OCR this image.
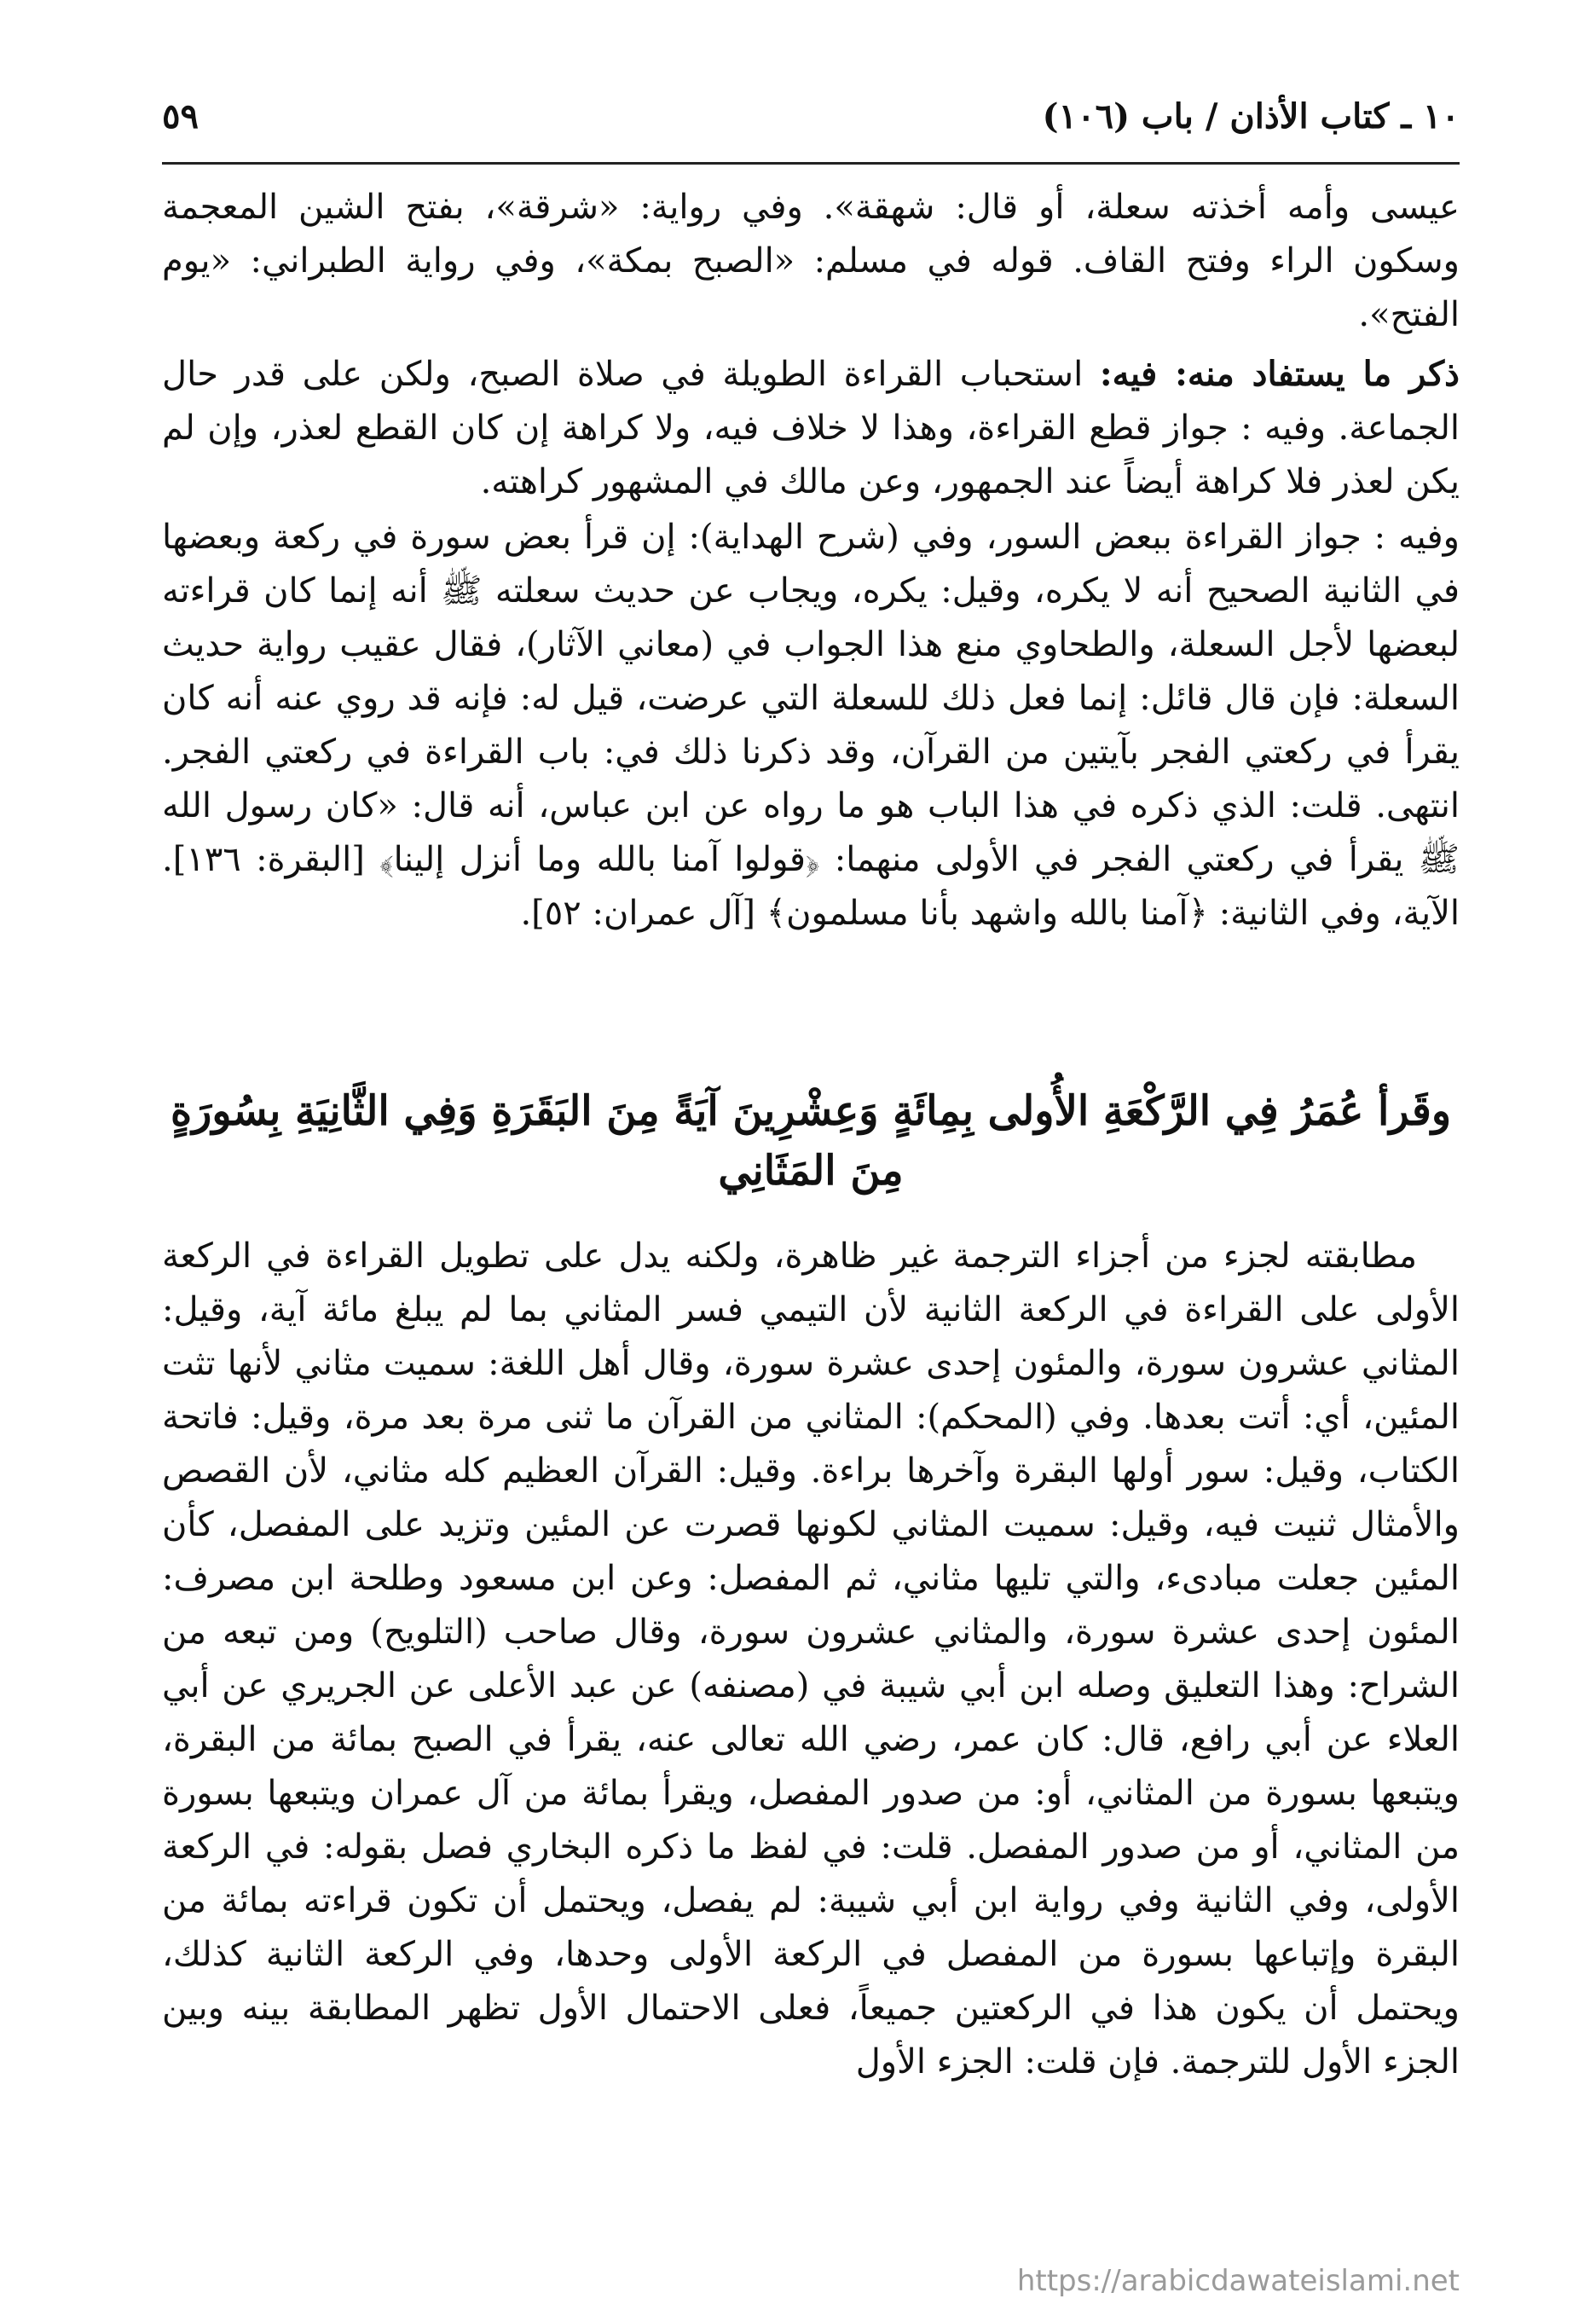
١٠ ـ كتاب الأذان / باب (١٠٦)
٥٩

عيسى وأمه أخذته سعلة، أو قال: شهقة». وفي رواية: «شرقة»، بفتح الشين المعجمة وسكون الراء وفتح القاف. قوله في مسلم: «الصبح بمكة»، وفي رواية الطبراني: «يوم الفتح».

ذكر ما يستفاد منه: فيه: استحباب القراءة الطويلة في صلاة الصبح، ولكن على قدر حال الجماعة. وفيه : جواز قطع القراءة، وهذا لا خلاف فيه، ولا كراهة إن كان القطع لعذر، وإن لم يكن لعذر فلا كراهة أيضاً عند الجمهور، وعن مالك في المشهور كراهته.

وفيه : جواز القراءة ببعض السور، وفي (شرح الهداية): إن قرأ بعض سورة في ركعة وبعضها في الثانية الصحيح أنه لا يكره، وقيل: يكره، ويجاب عن حديث سعلته ﷺ أنه إنما كان قراءته لبعضها لأجل السعلة، والطحاوي منع هذا الجواب في (معاني الآثار)، فقال عقيب رواية حديث السعلة: فإن قال قائل: إنما فعل ذلك للسعلة التي عرضت، قيل له: فإنه قد روي عنه أنه كان يقرأ في ركعتي الفجر بآيتين من القرآن، وقد ذكرنا ذلك في: باب القراءة في ركعتي الفجر. انتهى. قلت: الذي ذكره في هذا الباب هو ما رواه عن ابن عباس، أنه قال: «كان رسول الله ﷺ يقرأ في ركعتي الفجر في الأولى منهما: ﴿قولوا آمنا بالله وما أنزل إلينا﴾ [البقرة: ١٣٦]. الآية، وفي الثانية: ﴿آمنا بالله واشهد بأنا مسلمون﴾ [آل عمران: ٥٢].

وقَرأ عُمَرُ فِي الرَّكْعَةِ الأُولى بِمِائَةٍ وَعِشْرِينَ آيَةً مِنَ البَقَرَةِ وَفِي الثَّانِيَةِ بِسُورَةٍ مِنَ المَثَانِي

مطابقته لجزء من أجزاء الترجمة غير ظاهرة، ولكنه يدل على تطويل القراءة في الركعة الأولى على القراءة في الركعة الثانية لأن التيمي فسر المثاني بما لم يبلغ مائة آية، وقيل: المثاني عشرون سورة، والمئون إحدى عشرة سورة، وقال أهل اللغة: سميت مثاني لأنها تثت المئين، أي: أتت بعدها. وفي (المحكم): المثاني من القرآن ما ثنى مرة بعد مرة، وقيل: فاتحة الكتاب، وقيل: سور أولها البقرة وآخرها براءة. وقيل: القرآن العظيم كله مثاني، لأن القصص والأمثال ثنيت فيه، وقيل: سميت المثاني لكونها قصرت عن المئين وتزيد على المفصل، كأن المئين جعلت مبادىء، والتي تليها مثاني، ثم المفصل: وعن ابن مسعود وطلحة ابن مصرف: المئون إحدى عشرة سورة، والمثاني عشرون سورة، وقال صاحب (التلويح) ومن تبعه من الشراح: وهذا التعليق وصله ابن أبي شيبة في (مصنفه) عن عبد الأعلى عن الجريري عن أبي العلاء عن أبي رافع، قال: كان عمر، رضي الله تعالى عنه، يقرأ في الصبح بمائة من البقرة، ويتبعها بسورة من المثاني، أو: من صدور المفصل، ويقرأ بمائة من آل عمران ويتبعها بسورة من المثاني، أو من صدور المفصل. قلت: في لفظ ما ذكره البخاري فصل بقوله: في الركعة الأولى، وفي الثانية وفي رواية ابن أبي شيبة: لم يفصل، ويحتمل أن تكون قراءته بمائة من البقرة وإتباعها بسورة من المفصل في الركعة الأولى وحدها، وفي الركعة الثانية كذلك، ويحتمل أن يكون هذا في الركعتين جميعاً، فعلى الاحتمال الأول تظهر المطابقة بينه وبين الجزء الأول للترجمة. فإن قلت: الجزء الأول

https://arabicdawateislami.net
